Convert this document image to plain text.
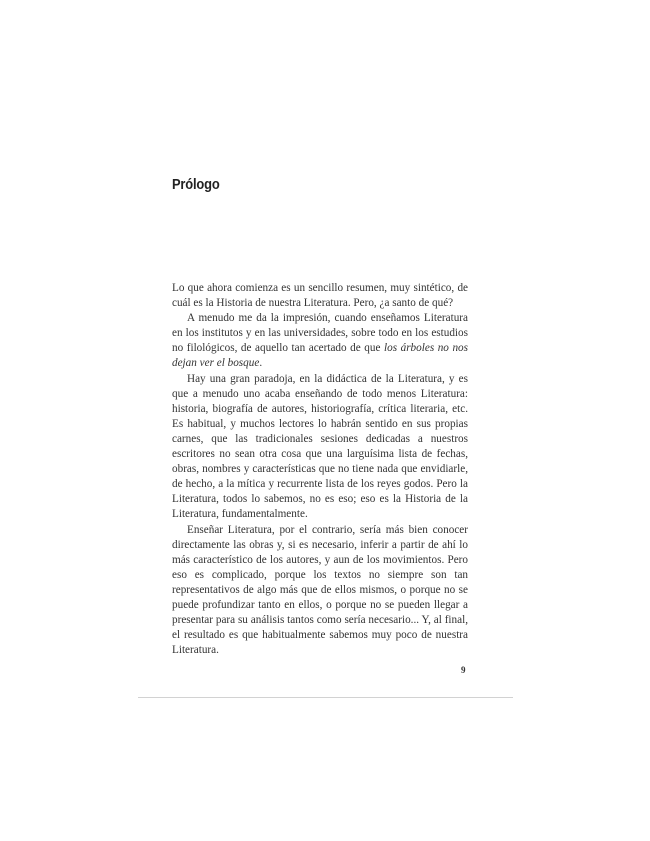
Prólogo

Lo que ahora comienza es un sencillo resumen, muy sintético, de cuál es la Historia de nuestra Literatura. Pero, ¿a santo de qué?

A menudo me da la impresión, cuando enseñamos Literatura en los institutos y en las universidades, sobre todo en los estudios no filológicos, de aquello tan acertado de que los árboles no nos dejan ver el bosque.

Hay una gran paradoja, en la didáctica de la Literatura, y es que a menudo uno acaba enseñando de todo menos Literatura: historia, biografía de autores, historiografía, crítica literaria, etc. Es habitual, y muchos lectores lo habrán sentido en sus propias carnes, que las tradicionales sesiones dedicadas a nuestros escritores no sean otra cosa que una larguísima lista de fechas, obras, nombres y características que no tiene nada que envidiarle, de hecho, a la mítica y recurrente lista de los reyes godos. Pero la Literatura, todos lo sabemos, no es eso; eso es la Historia de la Literatura, fundamentalmente.

Enseñar Literatura, por el contrario, sería más bien conocer directamente las obras y, si es necesario, inferir a partir de ahí lo más característico de los autores, y aun de los movimientos. Pero eso es complicado, porque los textos no siempre son tan representativos de algo más que de ellos mismos, o porque no se puede profundizar tanto en ellos, o porque no se pueden llegar a presentar para su análisis tantos como sería necesario... Y, al final, el resultado es que habitualmente sabemos muy poco de nuestra Literatura.

9
